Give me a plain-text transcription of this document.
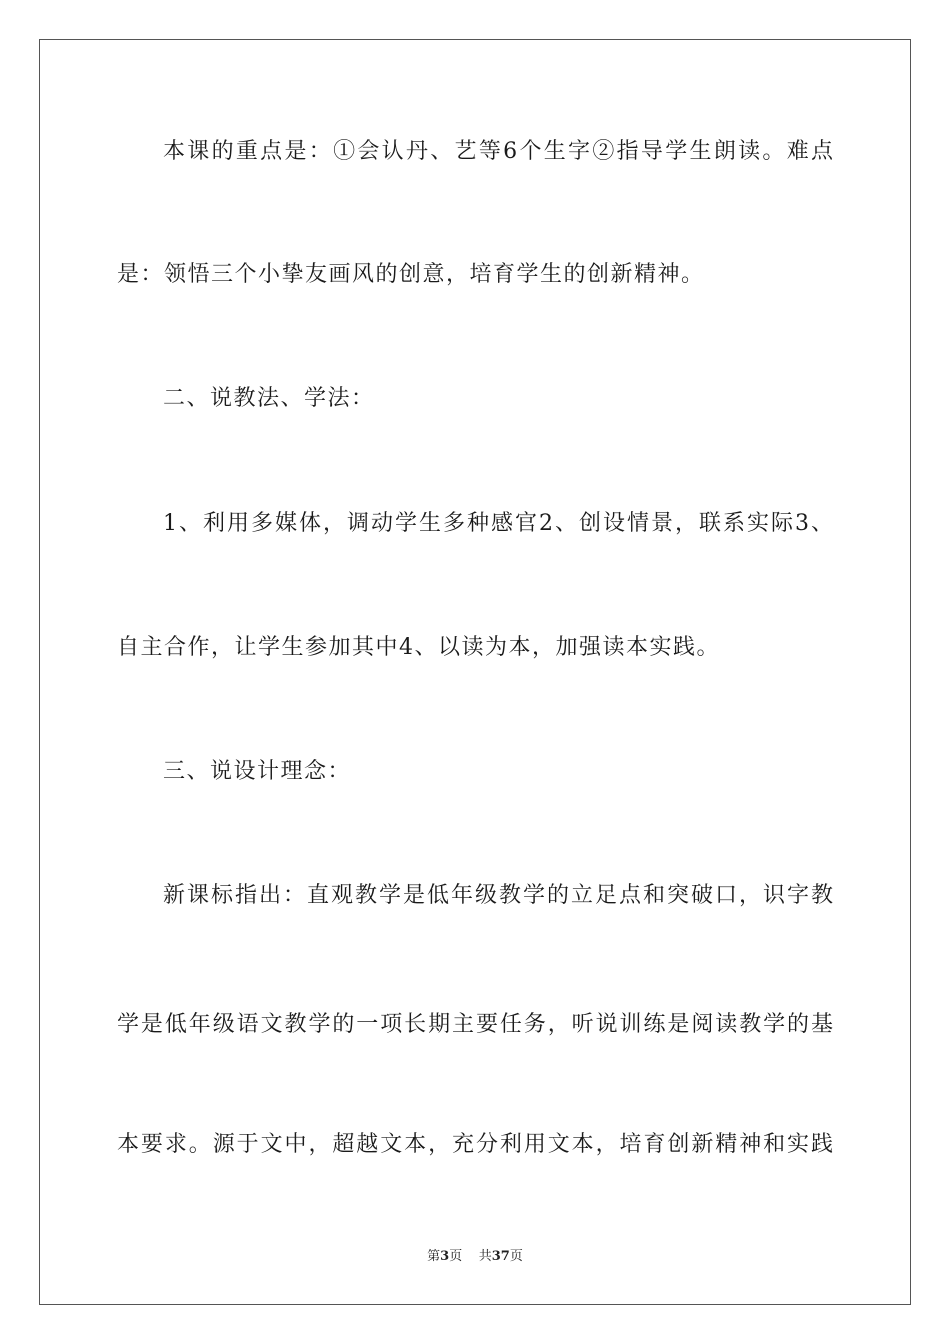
本课的重点是：①会认丹、艺等6个生字②指导学生朗读。难点
是：领悟三个小挚友画风的创意，培育学生的创新精神。
二、说教法、学法：
1、利用多媒体，调动学生多种感官2、创设情景，联系实际3、
自主合作，让学生参加其中4、以读为本，加强读本实践。
三、说设计理念：
新课标指出：直观教学是低年级教学的立足点和突破口，识字教
学是低年级语文教学的一项长期主要任务，听说训练是阅读教学的基
本要求。源于文中，超越文本，充分利用文本，培育创新精神和实践
第3页 共37页
